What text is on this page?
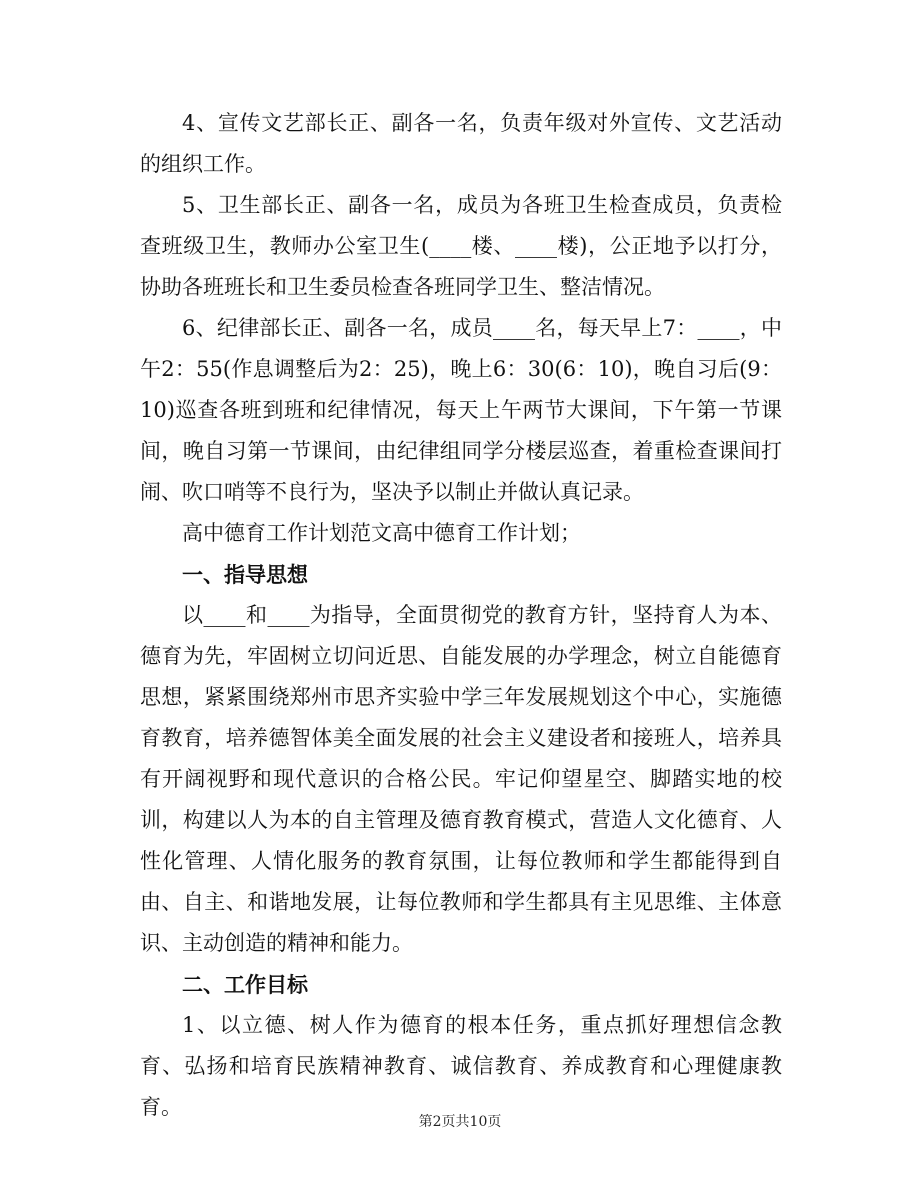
4、宣传文艺部长正、副各一名，负责年级对外宣传、文艺活动的组织工作。

5、卫生部长正、副各一名，成员为各班卫生检查成员，负责检查班级卫生，教师办公室卫生(____楼、____楼)，公正地予以打分，协助各班班长和卫生委员检查各班同学卫生、整洁情况。

6、纪律部长正、副各一名，成员____名，每天早上7：____，中午2：55(作息调整后为2：25)，晚上6：30(6：10)，晚自习后(9：10)巡查各班到班和纪律情况，每天上午两节大课间，下午第一节课间，晚自习第一节课间，由纪律组同学分楼层巡查，着重检查课间打闹、吹口哨等不良行为，坚决予以制止并做认真记录。

高中德育工作计划范文高中德育工作计划；

一、指导思想

以____和____为指导，全面贯彻党的教育方针，坚持育人为本、德育为先，牢固树立切问近思、自能发展的办学理念，树立自能德育思想，紧紧围绕郑州市思齐实验中学三年发展规划这个中心，实施德育教育，培养德智体美全面发展的社会主义建设者和接班人，培养具有开阔视野和现代意识的合格公民。牢记仰望星空、脚踏实地的校训，构建以人为本的自主管理及德育教育模式，营造人文化德育、人性化管理、人情化服务的教育氛围，让每位教师和学生都能得到自由、自主、和谐地发展，让每位教师和学生都具有主见思维、主体意识、主动创造的精神和能力。

二、工作目标

1、以立德、树人作为德育的根本任务，重点抓好理想信念教育、弘扬和培育民族精神教育、诚信教育、养成教育和心理健康教育。

第2页共10页
